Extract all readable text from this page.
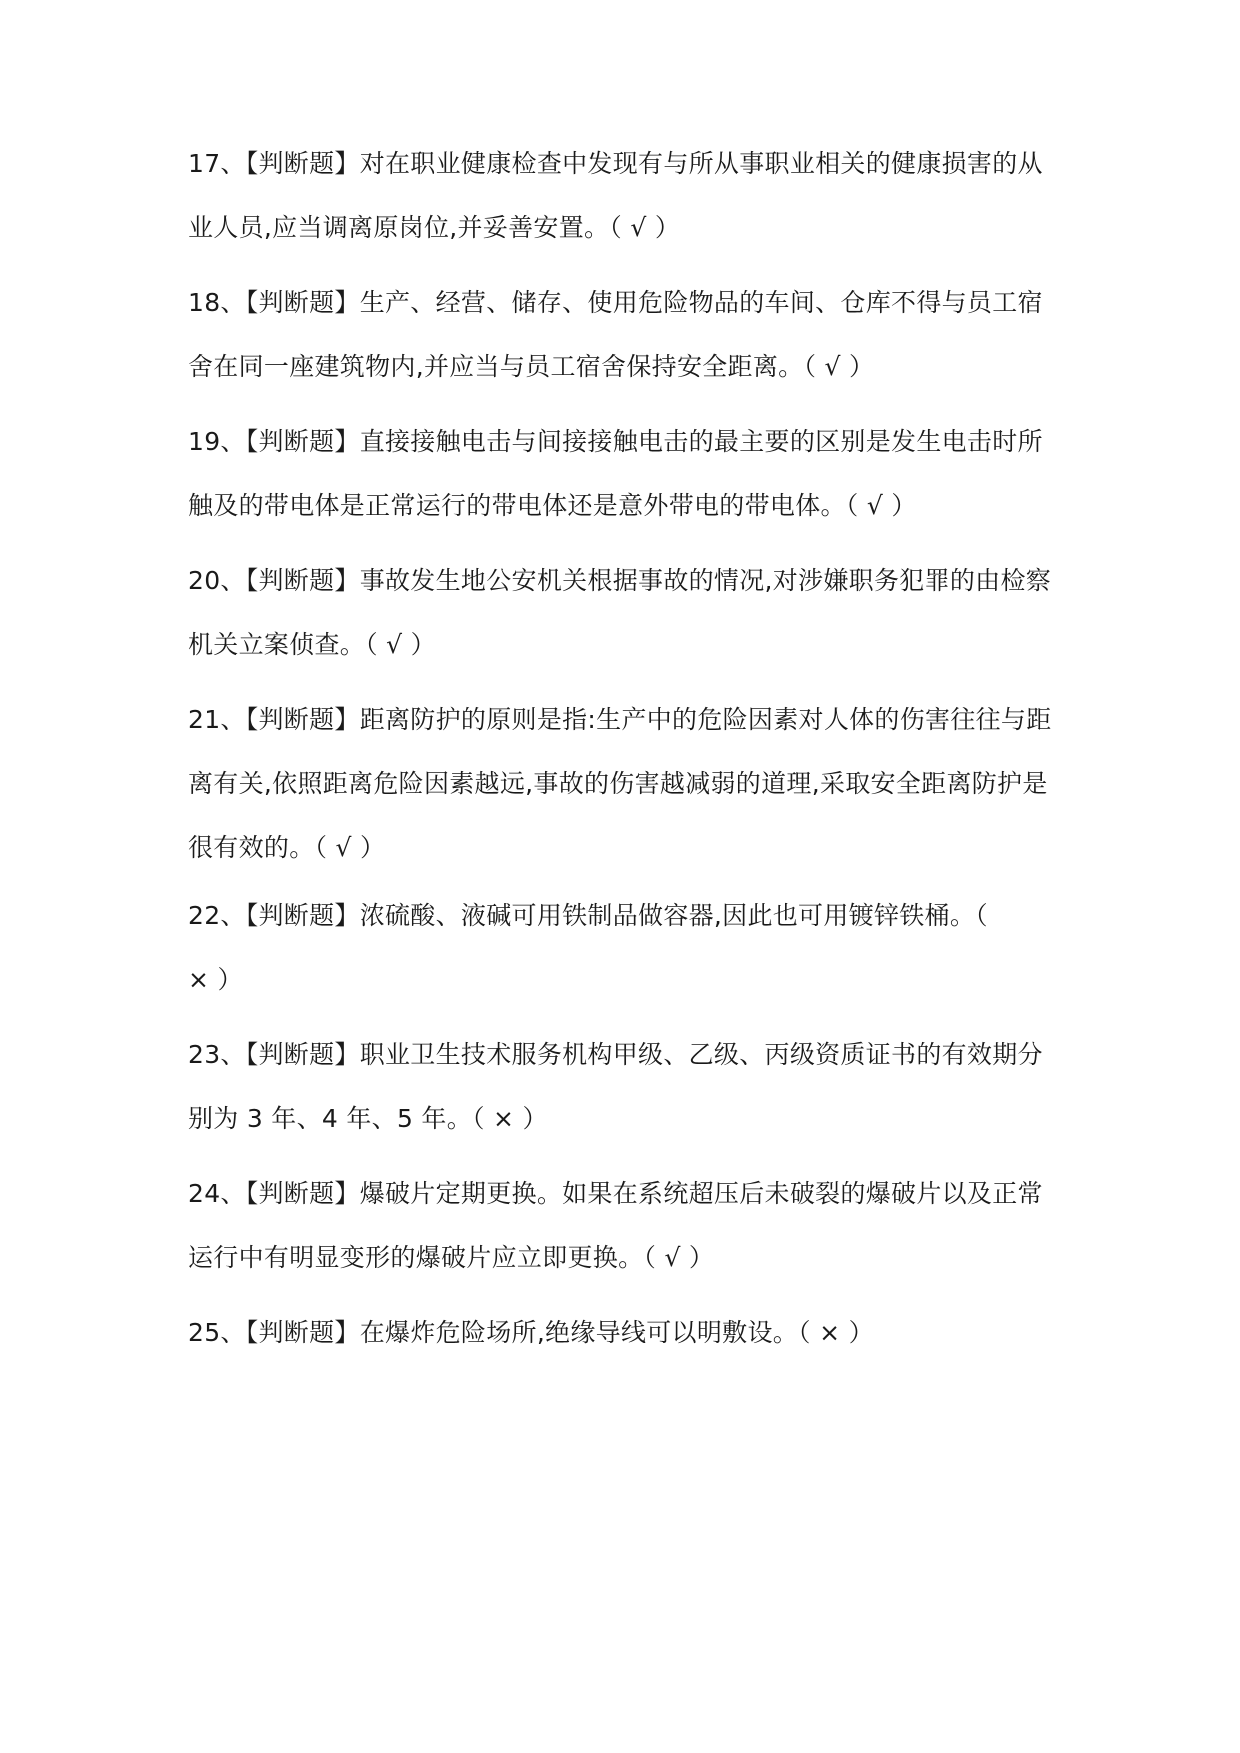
17、【判断题】对在职业健康检查中发现有与所从事职业相关的健康损害的从
业人员,应当调离原岗位,并妥善安置。（ √ ）
18、【判断题】生产、经营、储存、使用危险物品的车间、仓库不得与员工宿
舍在同一座建筑物内,并应当与员工宿舍保持安全距离。（ √ ）
19、【判断题】直接接触电击与间接接触电击的最主要的区别是发生电击时所
触及的带电体是正常运行的带电体还是意外带电的带电体。（ √ ）
20、【判断题】事故发生地公安机关根据事故的情况,对涉嫌职务犯罪的由检察
机关立案侦查。（ √ ）
21、【判断题】距离防护的原则是指:生产中的危险因素对人体的伤害往往与距
离有关,依照距离危险因素越远,事故的伤害越减弱的道理,采取安全距离防护是
很有效的。（ √ ）
22、【判断题】浓硫酸、液碱可用铁制品做容器,因此也可用镀锌铁桶。（
× ）
23、【判断题】职业卫生技术服务机构甲级、乙级、丙级资质证书的有效期分
别为 3 年、4 年、5 年。（ × ）
24、【判断题】爆破片定期更换。如果在系统超压后未破裂的爆破片以及正常
运行中有明显变形的爆破片应立即更换。（ √ ）
25、【判断题】在爆炸危险场所,绝缘导线可以明敷设。（ × ）
